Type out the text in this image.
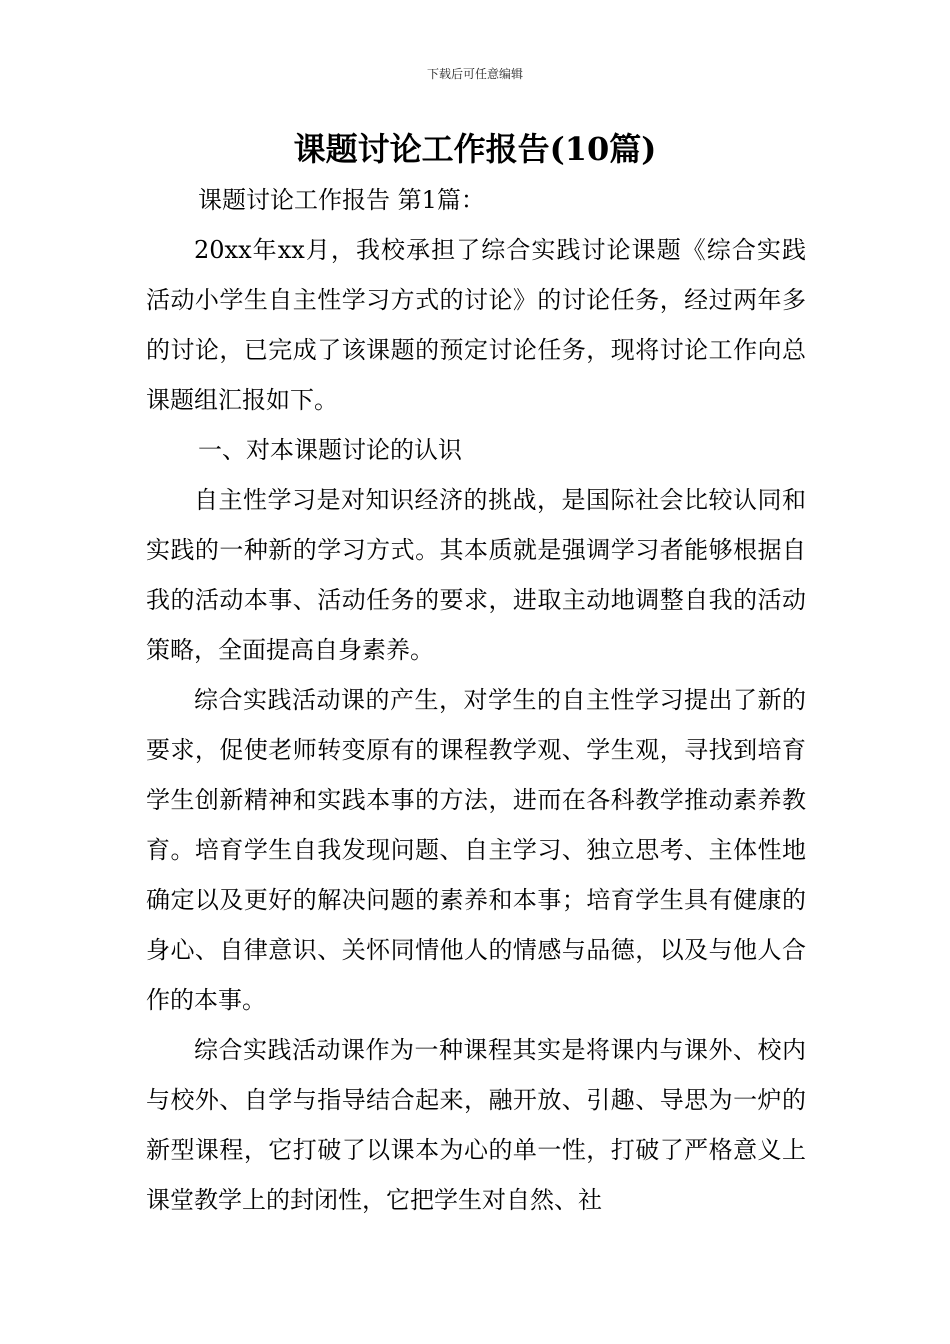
下载后可任意编辑
课题讨论工作报告(10篇)

课题讨论工作报告 第1篇：

20xx年xx月，我校承担了综合实践讨论课题《综合实践活动小学生自主性学习方式的讨论》的讨论任务，经过两年多的讨论，已完成了该课题的预定讨论任务，现将讨论工作向总课题组汇报如下。

一、对本课题讨论的认识

自主性学习是对知识经济的挑战，是国际社会比较认同和实践的一种新的学习方式。其本质就是强调学习者能够根据自我的活动本事、活动任务的要求，进取主动地调整自我的活动策略，全面提高自身素养。

综合实践活动课的产生，对学生的自主性学习提出了新的要求，促使老师转变原有的课程教学观、学生观，寻找到培育学生创新精神和实践本事的方法，进而在各科教学推动素养教育。培育学生自我发现问题、自主学习、独立思考、主体性地确定以及更好的解决问题的素养和本事；培育学生具有健康的身心、自律意识、关怀同情他人的情感与品德，以及与他人合作的本事。

综合实践活动课作为一种课程其实是将课内与课外、校内与校外、自学与指导结合起来，融开放、引趣、导思为一炉的新型课程，它打破了以课本为心的单一性，打破了严格意义上课堂教学上的封闭性，它把学生对自然、社
